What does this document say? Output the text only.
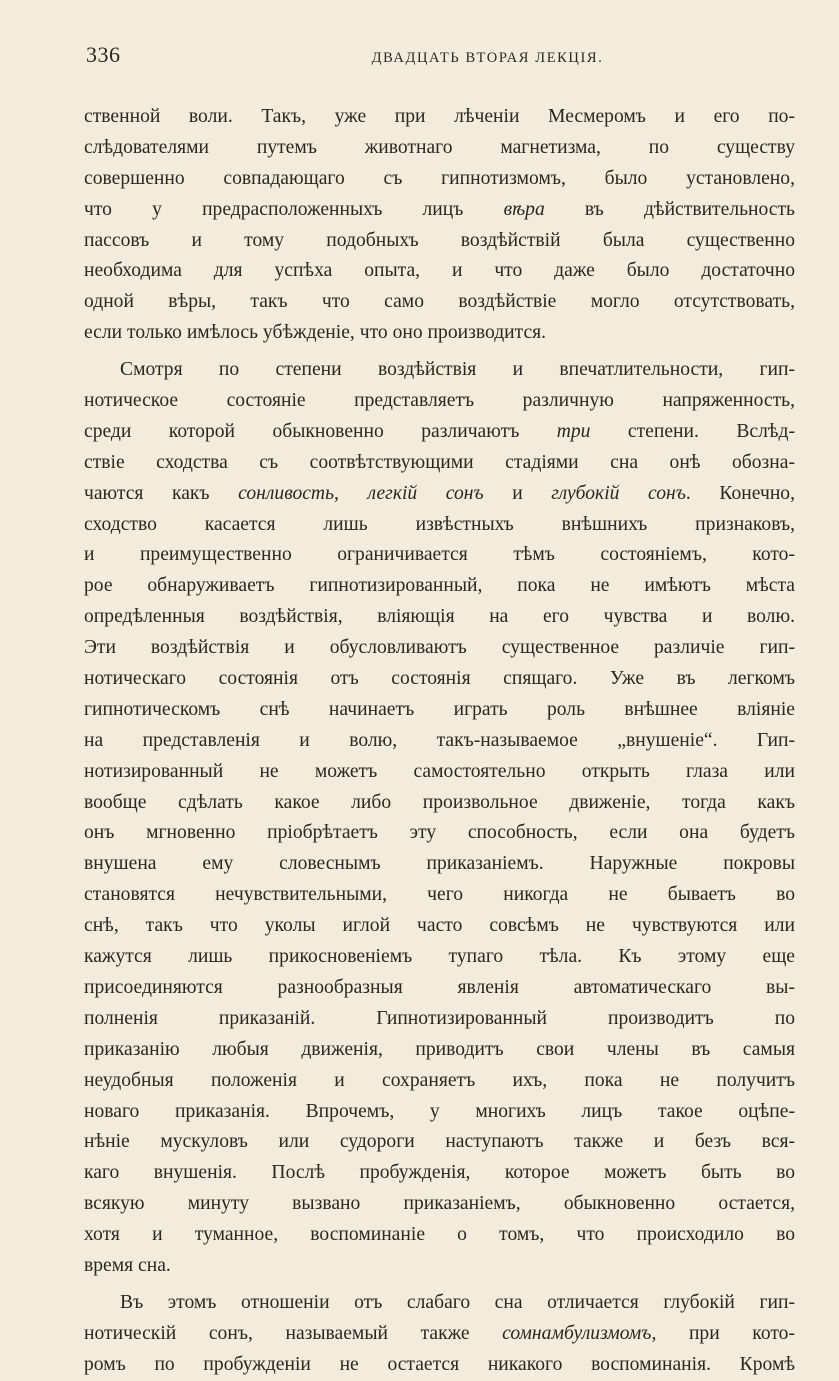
336	ДВАДЦАТЬ ВТОРАЯ ЛЕКЦІЯ.
ственной воли. Такъ, уже при лѣченіи Месмеромъ и его по-
слѣдователями путемъ животнаго магнетизма, по существу
совершенно совпадающаго съ гипнотизмомъ, было установлено,
что у предрасположенныхъ лицъ вѣра въ дѣйствительность
пассовъ и тому подобныхъ воздѣйствій была существенно
необходима для успѣха опыта, и что даже было достаточно
одной вѣры, такъ что само воздѣйствіе могло отсутствовать,
если только имѣлось убѣжденіе, что оно производится.
Смотря по степени воздѣйствія и впечатлительности, гип-
нотическое состояніе представляетъ различную напряженность,
среди которой обыкновенно различаютъ три степени. Вслѣд-
ствіе сходства съ соотвѣтствующими стадіями сна онѣ обозна-
чаются какъ сонливость, легкій сонъ и глубокій сонъ. Конечно,
сходство касается лишь извѣстныхъ внѣшнихъ признаковъ,
и преимущественно ограничивается тѣмъ состояніемъ, кото-
рое обнаруживаетъ гипнотизированный, пока не имѣютъ мѣста
опредѣленныя воздѣйствія, вліяющія на его чувства и волю.
Эти воздѣйствія и обусловливаютъ существенное различіе гип-
нотическаго состоянія отъ состоянія спящаго. Уже въ легкомъ
гипнотическомъ снѣ начинаетъ играть роль внѣшнее вліяніе
на представленія и волю, такъ-называемое „внушеніе“. Гип-
нотизированный не можетъ самостоятельно открыть глаза или
вообще сдѣлать какое либо произвольное движеніе, тогда какъ
онъ мгновенно пріобрѣтаетъ эту способность, если она будетъ
внушена ему словеснымъ приказаніемъ. Наружные покровы
становятся нечувствительными, чего никогда не бываетъ во
снѣ, такъ что уколы иглой часто совсѣмъ не чувствуются или
кажутся лишь прикосновеніемъ тупаго тѣла. Къ этому еще
присоединяются разнообразныя явленія автоматическаго вы-
полненія приказаній. Гипнотизированный производитъ по
приказанію любыя движенія, приводитъ свои члены въ самыя
неудобныя положенія и сохраняетъ ихъ, пока не получитъ
новаго приказанія. Впрочемъ, у многихъ лицъ такое оцѣпе-
нѣніе мускуловъ или судороги наступаютъ также и безъ вся-
каго внушенія. Послѣ пробужденія, которое можетъ быть во
всякую минуту вызвано приказаніемъ, обыкновенно остается,
хотя и туманное, воспоминаніе о томъ, что происходило во
время сна.
Въ этомъ отношеніи отъ слабаго сна отличается глубокій гип-
нотическій сонъ, называемый также сомнамбулизмомъ, при кото-
ромъ по пробужденіи не остается никакого воспоминанія. Кромѣ
